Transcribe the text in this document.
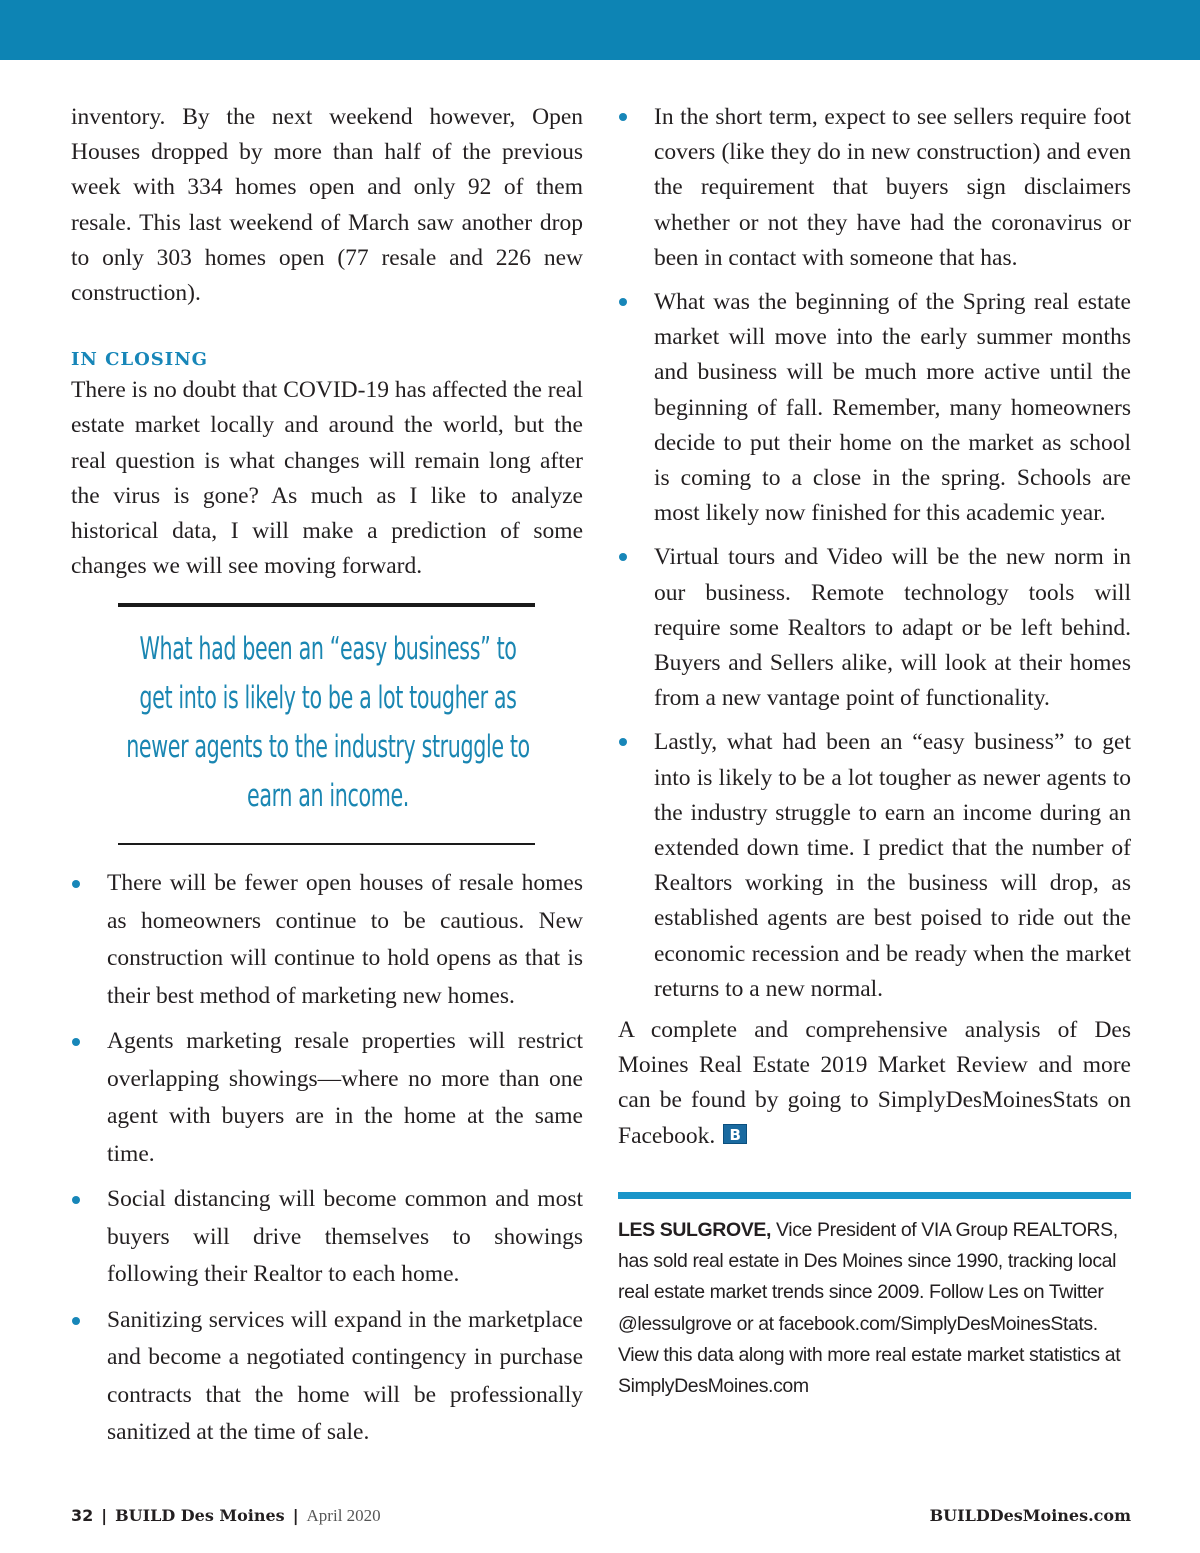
inventory. By the next weekend however, Open Houses dropped by more than half of the previous week with 334 homes open and only 92 of them resale. This last weekend of March saw another drop to only 303 homes open (77 resale and 226 new construction).

IN CLOSING

There is no doubt that COVID-19 has affected the real estate market locally and around the world, but the real question is what changes will remain long after the virus is gone? As much as I like to analyze historical data, I will make a prediction of some changes we will see moving forward.

What had been an “easy business” to get into is likely to be a lot tougher as newer agents to the industry struggle to earn an income.

There will be fewer open houses of resale homes as homeowners continue to be cautious. New construction will continue to hold opens as that is their best method of marketing new homes.
Agents marketing resale properties will restrict overlapping showings—where no more than one agent with buyers are in the home at the same time.
Social distancing will become common and most buyers will drive themselves to showings following their Realtor to each home.
Sanitizing services will expand in the marketplace and become a negotiated contingency in purchase contracts that the home will be professionally sanitized at the time of sale.
In the short term, expect to see sellers require foot covers (like they do in new construction) and even the requirement that buyers sign disclaimers whether or not they have had the coronavirus or been in contact with someone that has.
What was the beginning of the Spring real estate market will move into the early summer months and business will be much more active until the beginning of fall. Remember, many homeowners decide to put their home on the market as school is coming to a close in the spring. Schools are most likely now finished for this academic year.
Virtual tours and Video will be the new norm in our business. Remote technology tools will require some Realtors to adapt or be left behind. Buyers and Sellers alike, will look at their homes from a new vantage point of functionality.
Lastly, what had been an “easy business” to get into is likely to be a lot tougher as newer agents to the industry struggle to earn an income during an extended down time. I predict that the number of Realtors working in the business will drop, as established agents are best poised to ride out the economic recession and be ready when the market returns to a new normal.

A complete and comprehensive analysis of Des Moines Real Estate 2019 Market Review and more can be found by going to SimplyDesMoinesStats on Facebook. B

LES SULGROVE, Vice President of VIA Group REALTORS, has sold real estate in Des Moines since 1990, tracking local real estate market trends since 2009. Follow Les on Twitter @lessulgrove or at facebook.com/SimplyDesMoinesStats. View this data along with more real estate market statistics at SimplyDesMoines.com

32 | BUILD Des Moines | April 2020	BUILDDesMoines.com
